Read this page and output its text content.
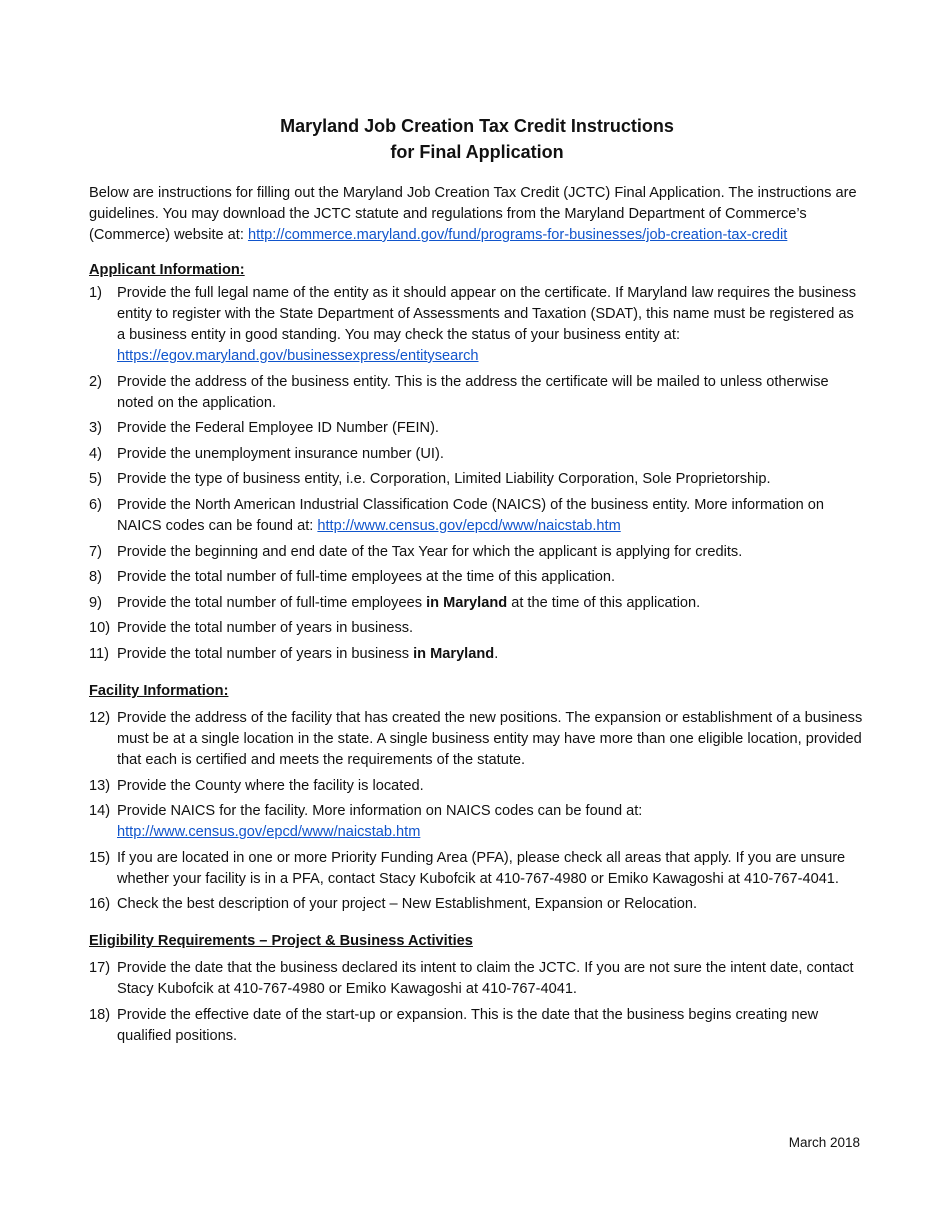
Maryland Job Creation Tax Credit Instructions
for Final Application

Below are instructions for filling out the Maryland Job Creation Tax Credit (JCTC) Final Application. The instructions are guidelines. You may download the JCTC statute and regulations from the Maryland Department of Commerce’s (Commerce) website at: http://commerce.maryland.gov/fund/programs-for-businesses/job-creation-tax-credit

Applicant Information:
1) Provide the full legal name of the entity as it should appear on the certificate. If Maryland law requires the business entity to register with the State Department of Assessments and Taxation (SDAT), this name must be registered as a business entity in good standing. You may check the status of your business entity at: https://egov.maryland.gov/businessexpress/entitysearch
2) Provide the address of the business entity. This is the address the certificate will be mailed to unless otherwise noted on the application.
3) Provide the Federal Employee ID Number (FEIN).
4) Provide the unemployment insurance number (UI).
5) Provide the type of business entity, i.e. Corporation, Limited Liability Corporation, Sole Proprietorship.
6) Provide the North American Industrial Classification Code (NAICS) of the business entity. More information on NAICS codes can be found at: http://www.census.gov/epcd/www/naicstab.htm
7) Provide the beginning and end date of the Tax Year for which the applicant is applying for credits.
8) Provide the total number of full-time employees at the time of this application.
9) Provide the total number of full-time employees in Maryland at the time of this application.
10) Provide the total number of years in business.
11) Provide the total number of years in business in Maryland.
Facility Information:
12) Provide the address of the facility that has created the new positions. The expansion or establishment of a business must be at a single location in the state. A single business entity may have more than one eligible location, provided that each is certified and meets the requirements of the statute.
13) Provide the County where the facility is located.
14) Provide NAICS for the facility. More information on NAICS codes can be found at: http://www.census.gov/epcd/www/naicstab.htm
15) If you are located in one or more Priority Funding Area (PFA), please check all areas that apply. If you are unsure whether your facility is in a PFA, contact Stacy Kubofcik at 410-767-4980 or Emiko Kawagoshi at 410-767-4041.
16) Check the best description of your project – New Establishment, Expansion or Relocation.
Eligibility Requirements – Project & Business Activities
17) Provide the date that the business declared its intent to claim the JCTC. If you are not sure the intent date, contact Stacy Kubofcik at 410-767-4980 or Emiko Kawagoshi at 410-767-4041.
18) Provide the effective date of the start-up or expansion. This is the date that the business begins creating new qualified positions.
March 2018
